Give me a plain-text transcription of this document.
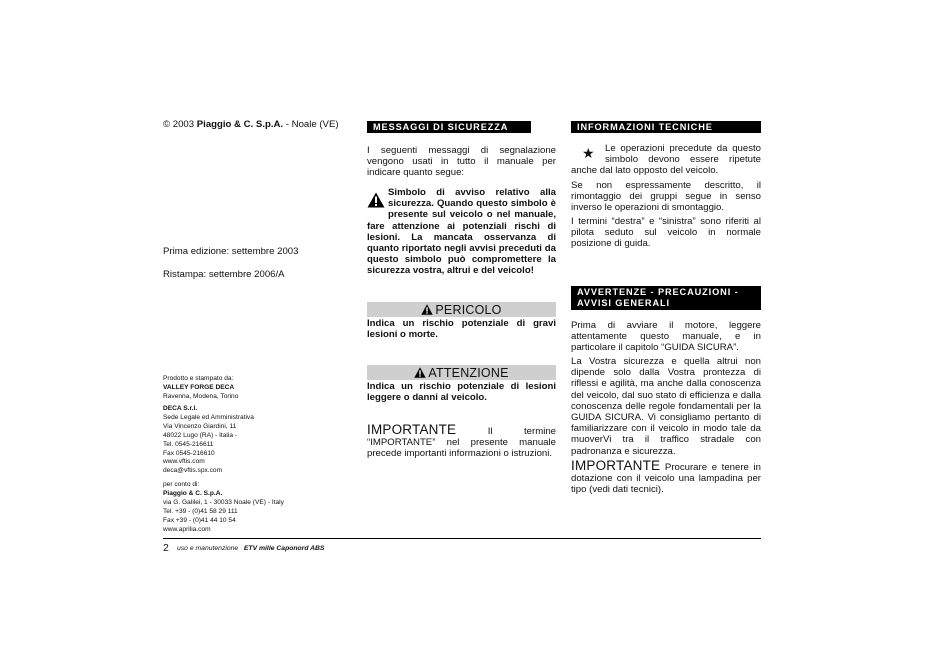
© 2003 Piaggio & C. S.p.A. - Noale (VE)
Prima edizione: settembre 2003
Ristampa: settembre 2006/A
Prodotto e stampato da:
VALLEY FORGE DECA
Ravenna, Modena, Torino
DECA S.r.l.
Sede Legale ed Amministrativa
Via Vincenzo Giardini, 11
48022 Lugo (RA) - Italia -
Tel. 0545-216611
Fax 0545-216610
www.vftis.com
deca@vftis.spx.com
per conto di:
Piaggio & C. S.p.A.
via G. Galilei, 1 - 30033 Noale (VE) - Italy
Tel. +39 - (0)41 58 29 111
Fax +39 - (0)41 44 10 54
www.aprilia.com
2 uso e manutenzione ETV mille Caponord ABS
MESSAGGI DI SICUREZZA

I seguenti messaggi di segnalazione vengono usati in tutto il manuale per indicare quanto segue:

Simbolo di avviso relativo alla sicurezza. Quando questo simbolo è presente sul veicolo o nel manuale, fare attenzione ai potenziali rischi di lesioni. La mancata osservanza di quanto riportato negli avvisi preceduti da questo simbolo può compromettere la sicurezza vostra, altrui e del veicolo!

PERICOLO

Indica un rischio potenziale di gravi lesioni o morte.

ATTENZIONE

Indica un rischio potenziale di lesioni leggere o danni al veicolo.

IMPORTANTE Il termine “IMPORTANTE” nel presente manuale precede importanti informazioni o istruzioni.

INFORMAZIONI TECNICHE
★	Le operazioni precedute da questo simbolo devono essere ripetute anche dal lato opposto del veicolo.

Se non espressamente descritto, il rimontaggio dei gruppi segue in senso inverso le operazioni di smontaggio.

I termini “destra” e “sinistra” sono riferiti al pilota seduto sul veicolo in normale posizione di guida.

AVVERTENZE - PRECAUZIONI -
AVVISI GENERALI

Prima di avviare il motore, leggere attentamente questo manuale, e in particolare il capitolo “GUIDA SICURA”.

La Vostra sicurezza e quella altrui non dipende solo dalla Vostra prontezza di riflessi e agilità, ma anche dalla conoscenza del veicolo, dal suo stato di efficienza e dalla conoscenza delle regole fondamentali per la GUIDA SICURA. Vi consigliamo pertanto di familiarizzare con il veicolo in modo tale da muoverVi tra il traffico stradale con padronanza e sicurezza.

IMPORTANTE Procurare e tenere in dotazione con il veicolo una lampadina per tipo (vedi dati tecnici).
